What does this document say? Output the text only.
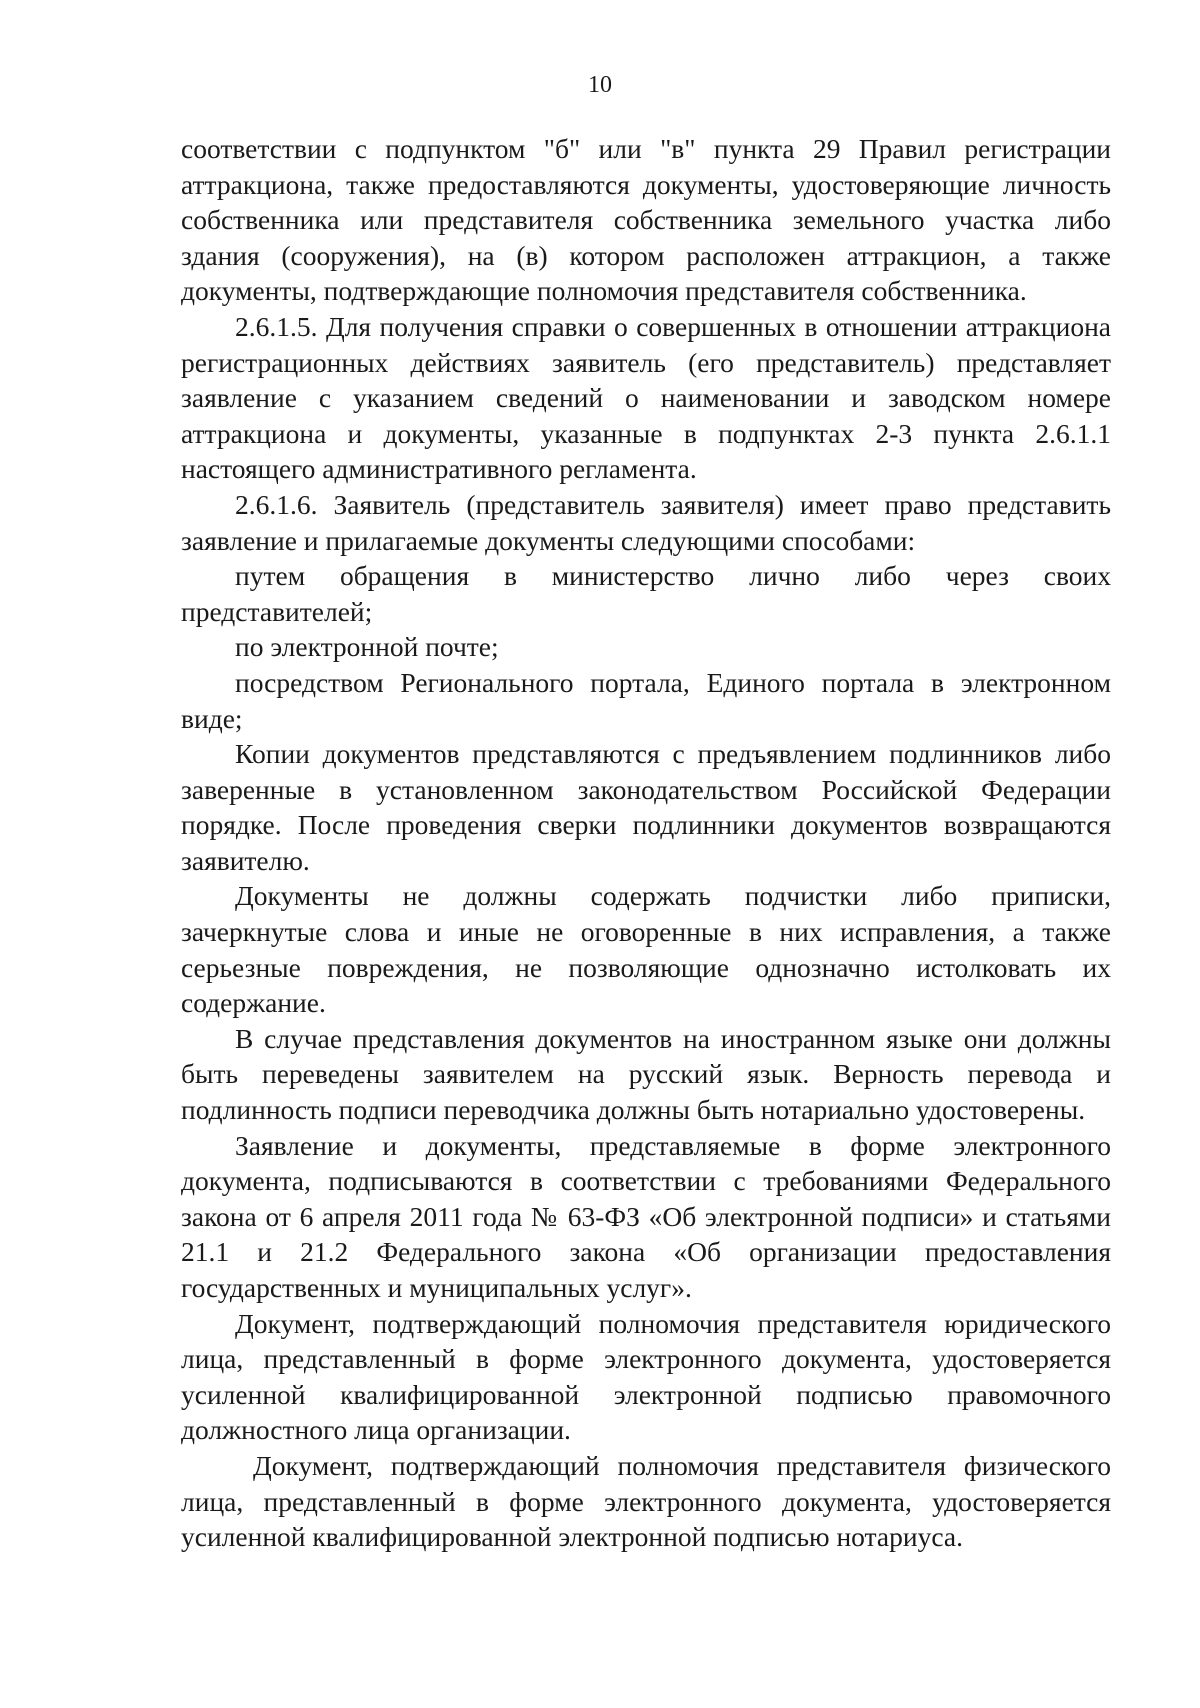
10

соответствии с подпунктом "б" или "в" пункта 29 Правил регистрации
аттракциона, также предоставляются документы, удостоверяющие личность
собственника или представителя собственника земельного участка либо
здания (сооружения), на (в) котором расположен аттракцион, а также
документы, подтверждающие полномочия представителя собственника.

2.6.1.5. Для получения справки о совершенных в отношении аттракциона
регистрационных действиях заявитель (его представитель) представляет
заявление с указанием сведений о наименовании и заводском номере
аттракциона и документы, указанные в подпунктах 2-3 пункта 2.6.1.1
настоящего административного регламента.

2.6.1.6. Заявитель (представитель заявителя) имеет право представить
заявление и прилагаемые документы следующими способами:

путем обращения в министерство лично либо через своих
представителей;

по электронной почте;

посредством Регионального портала, Единого портала в электронном
виде;

Копии документов представляются с предъявлением подлинников либо
заверенные в установленном законодательством Российской Федерации
порядке. После проведения сверки подлинники документов возвращаются
заявителю.

Документы не должны содержать подчистки либо приписки,
зачеркнутые слова и иные не оговоренные в них исправления, а также
серьезные повреждения, не позволяющие однозначно истолковать их
содержание.

В случае представления документов на иностранном языке они должны
быть переведены заявителем на русский язык. Верность перевода и
подлинность подписи переводчика должны быть нотариально удостоверены.

Заявление и документы, представляемые в форме электронного
документа, подписываются в соответствии с требованиями Федерального
закона от 6 апреля 2011 года № 63-ФЗ «Об электронной подписи» и статьями
21.1 и 21.2 Федерального закона «Об организации предоставления
государственных и муниципальных услуг».

Документ, подтверждающий полномочия представителя юридического
лица, представленный в форме электронного документа, удостоверяется
усиленной квалифицированной электронной подписью правомочного
должностного лица организации.

Документ, подтверждающий полномочия представителя физического
лица, представленный в форме электронного документа, удостоверяется
усиленной квалифицированной электронной подписью нотариуса.
